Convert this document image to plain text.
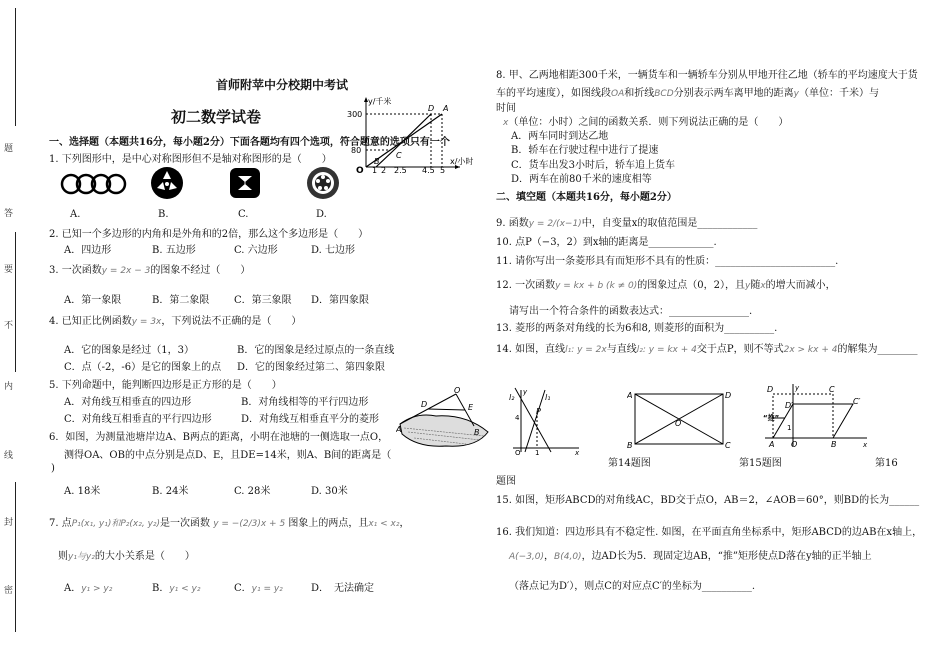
题
答
要
不
内
线
封
密
首师附苹中分校期中考试
初二数学试卷
y/千米
300
80
O 1 2 2.5 4.5 5
x/小时
D A
B
C
一、选择题（本题共16分，每小题2分）下面各题均有四个选项，符合题意的选项只有一个
1. 下列图形中，是中心对称图形但不是轴对称图形的是（　　）
A.	B.	C.	D.
2. 已知一个多边形的内角和是外角和的2倍，那么这个多边形是（　　）
A．四边形	B. 五边形	C. 六边形	D. 七边形
3. 一次函数y = 2x − 3的图象不经过（　　）
A．第一象限	B．第二象限 C．第三象限 D．第四象限
4. 已知正比例函数y = 3x，下列说法不正确的是（　　）
A．它的图象是经过（1，3）	B．它的图象是经过原点的一条直线
C．点（-2，-6）是它的图象上的点 D．它的图象经过第二、第四象限
5. 下列命题中，能判断四边形是正方形的是（　　）
A．对角线互相垂直的四边形	B．对角线相等的平行四边形
C．对角线互相垂直的平行四边形	D．对角线互相垂直平分的菱形
O
D	E
A	B
6．如图，为测量池塘岸边A、B两点的距离，小明在池塘的一侧选取一点O，
测得OA、OB的中点分别是点D、E，且DE=14米，则A、B间的距离是（
)
A. 18米	B. 24米	C. 28米	D. 30米
7. 点P₁(x₁, y₁)和P₂(x₂, y₂)是一次函数 y = −(2/3)x + 5 图象上的两点，且x₁ < x₂，
则y₁与y₂的大小关系是（　　）
A．y₁ > y₂	B．y₁ < y₂	C．y₁ = y₂	D．　无法确定
8. 甲、乙两地相距300千米，一辆货车和一辆轿车分别从甲地开往乙地（轿车的平均速度大于货
车的平均速度），如图线段OA和折线BCD分别表示两车离甲地的距离y（单位：千米）与
时间
x（单位：小时）之间的函数关系．则下列说法正确的是（　　）
A．两车同时到达乙地
B．轿车在行驶过程中进行了提速
C．货车出发3小时后，轿车追上货车
D．两车在前80千米的速度相等
二、填空题（本题共16分，每小题2分）
9. 函数y = 2/(x−1)中，自变量x的取值范围是____________
10. 点P（−3，2）到x轴的距离是_____________.
11. 请你写出一条菱形具有而矩形不具有的性质：________________________.
12. 一次函数y = kx + b (k ≠ 0)的图象过点（0，2），且y随x的增大而减小，
请写出一个符合条件的函数表达式：________________.
13. 菱形的两条对角线的长为6和8, 则菱形的面积为__________.
14. 如图，直线l₁: y = 2x与直线l₂: y = kx + 4交于点P，则不等式2x > kx + 4的解集为________
l₂	l₁
P
O 1
4
x
y	A	D
B	C
O
y
D	C
C′
D′
“推”
1
A O	B	x
第14题图	第15题图	第16
题图
15. 如图，矩形ABCD的对角线AC，BD交于点O，AB＝2，∠AOB＝60°，则BD的长为______
16. 我们知道：四边形具有不稳定性. 如图，在平面直角坐标系中，矩形ABCD的边AB在x轴上，
A(−3,0)，B(4,0)，边AD长为5．现固定边AB，“推”矩形使点D落在y轴的正半轴上
（落点记为D′），则点C的对应点C′的坐标为__________.
